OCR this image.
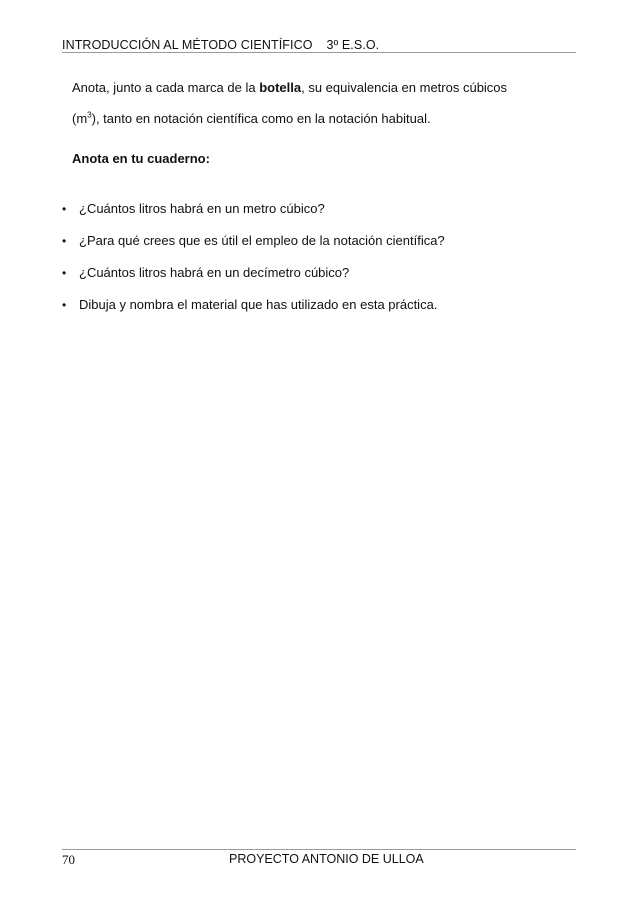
INTRODUCCIÓN AL MÉTODO CIENTÍFICO 3º E.S.O.
Anota, junto a cada marca de la botella, su equivalencia en metros cúbicos
$(m^3)$, tanto en notación científica como en la notación habitual.
Anota en tu cuaderno:
• ¿Cuántos litros habrá en un metro cúbico?
• ¿Para qué crees que es útil el empleo de la notación científica?
• ¿Cuántos litros habrá en un decímetro cúbico?
• Dibuja y nombra el material que has utilizado en esta práctica.
70	PROYECTO ANTONIO DE ULLOA
